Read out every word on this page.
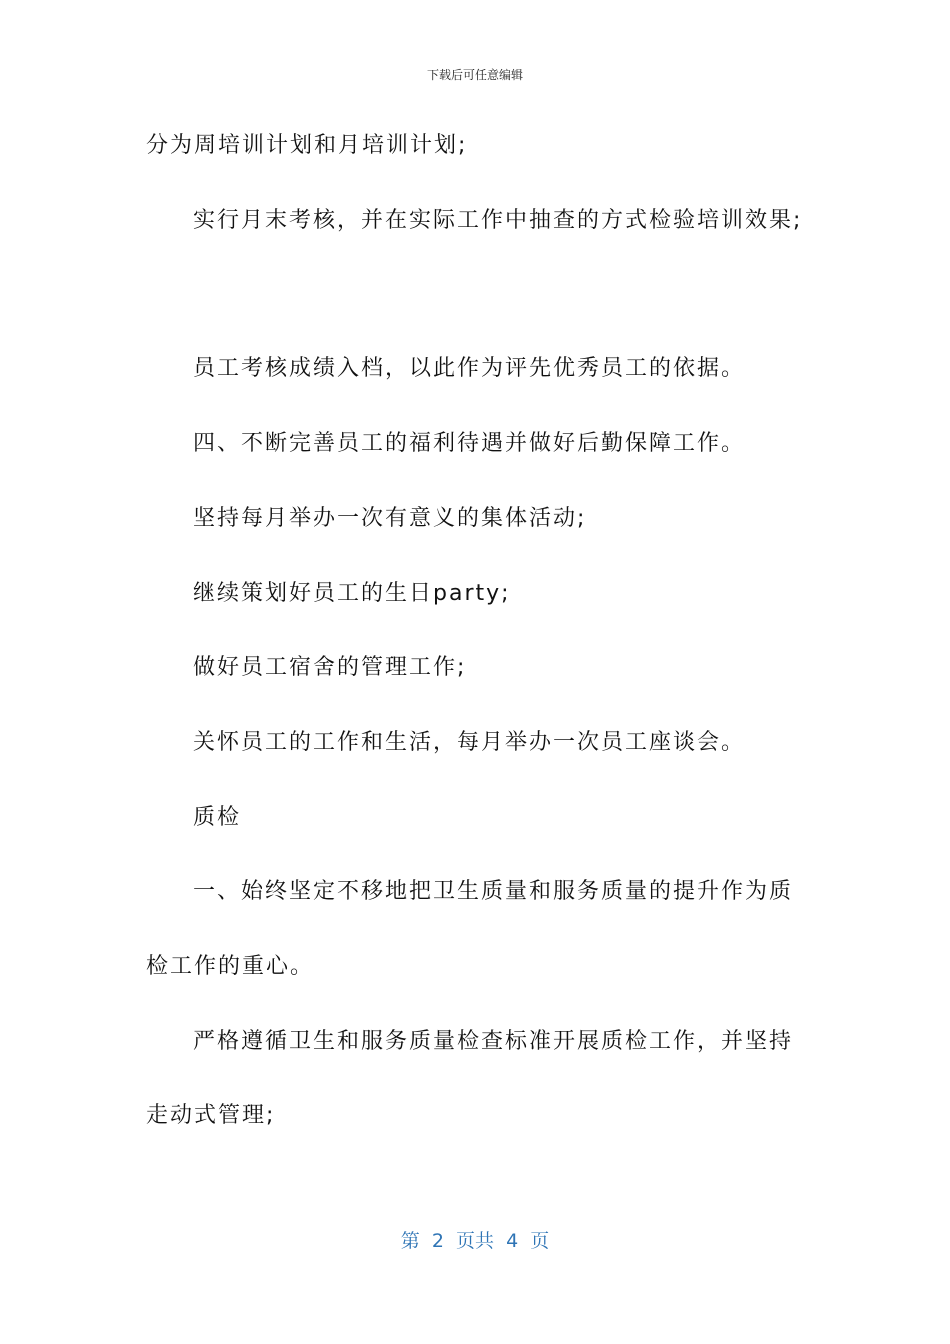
下载后可任意编辑
分为周培训计划和月培训计划;
实行月末考核，并在实际工作中抽查的方式检验培训效果;
员工考核成绩入档，以此作为评先优秀员工的依据。
四、不断完善员工的福利待遇并做好后勤保障工作。
坚持每月举办一次有意义的集体活动;
继续策划好员工的生日party;
做好员工宿舍的管理工作;
关怀员工的工作和生活，每月举办一次员工座谈会。
质检
一、始终坚定不移地把卫生质量和服务质量的提升作为质
检工作的重心。
严格遵循卫生和服务质量检查标准开展质检工作，并坚持
走动式管理;
第  2  页共  4  页
